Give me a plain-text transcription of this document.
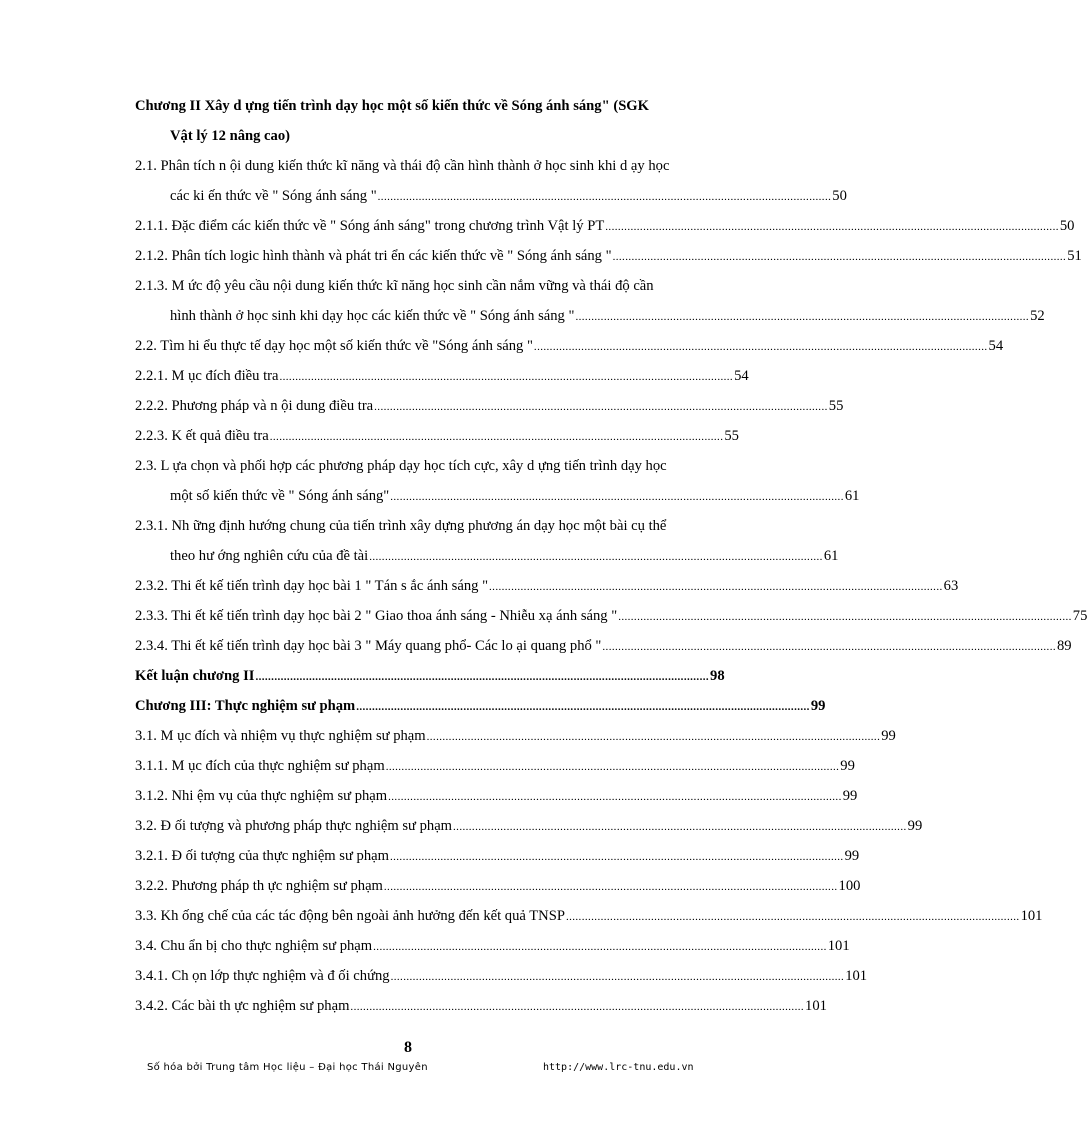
Chương II Xây d ựng tiến trình dạy học một số kiến thức về Sóng ánh sáng" (SGK
Vật lý 12 nâng cao)
2.1. Phân tích n ội dung kiến thức kĩ năng và thái độ cần hình thành ở học sinh khi d ạy học
các ki ến thức về " Sóng ánh sáng " ................................................................................................................................................ 50
2.1.1. Đặc điểm các kiến thức về " Sóng ánh sáng" trong chương trình Vật lý PT ................................................................................................................................................ 50
2.1.2. Phân tích logic hình thành và phát tri ển các kiến thức về " Sóng ánh sáng " ................................................................................................................................................ 51
2.1.3. M ức độ yêu cầu nội dung kiến thức kĩ năng học sinh cần nắm vững và thái độ cần
hình thành ở học sinh khi dạy học các kiến thức về " Sóng ánh sáng " ................................................................................................................................................ 52
2.2. Tìm hi ểu thực tế dạy học một số kiến thức về "Sóng ánh sáng " ................................................................................................................................................ 54
2.2.1. M ục đích điều tra ................................................................................................................................................ 54
2.2.2. Phương pháp và n ội dung điều tra ................................................................................................................................................ 55
2.2.3. K ết quả điều tra ................................................................................................................................................ 55
2.3. L ựa chọn và phối hợp các phương pháp dạy học tích cực, xây d ựng tiến trình dạy học
một số kiến thức về " Sóng ánh sáng" ................................................................................................................................................ 61
2.3.1. Nh ững định hướng chung của tiến trình xây dựng phương án dạy học một bài cụ thể
theo hư ớng nghiên cứu của đề tài ................................................................................................................................................ 61
2.3.2. Thi ết kế tiến trình dạy học bài 1 " Tán s ắc ánh sáng " ................................................................................................................................................ 63
2.3.3. Thi ết kế tiến trình dạy học bài 2 " Giao thoa ánh sáng - Nhiễu xạ ánh sáng " ................................................................................................................................................ 75
2.3.4. Thi ết kế tiến trình dạy học bài 3 " Máy quang phổ- Các lo ại quang phổ " ................................................................................................................................................ 89
Kết luận chương II ................................................................................................................................................ 98
Chương III: Thực nghiệm sư phạm ................................................................................................................................................ 99
3.1. M ục đích và nhiệm vụ thực nghiệm sư phạm ................................................................................................................................................ 99
3.1.1. M ục đích của thực nghiệm sư phạm ................................................................................................................................................ 99
3.1.2. Nhi ệm vụ của thực nghiệm sư phạm ................................................................................................................................................ 99
3.2. Đ ối tượng và phương pháp thực nghiệm sư phạm ................................................................................................................................................ 99
3.2.1. Đ ối tượng của thực nghiệm sư phạm ................................................................................................................................................ 99
3.2.2. Phương pháp th ực nghiệm sư phạm ................................................................................................................................................ 100
3.3. Kh ống chế của các tác động bên ngoài ảnh hưởng đến kết quả TNSP ................................................................................................................................................ 101
3.4. Chu ẩn bị cho thực nghiệm sư phạm ................................................................................................................................................ 101
3.4.1. Ch ọn lớp thực nghiệm và đ ối chứng ................................................................................................................................................ 101
3.4.2. Các bài th ực nghiệm sư phạm ................................................................................................................................................ 101
8
Số hóa bởi Trung tâm Học liệu – Đại học Thái Nguyên	http://www.lrc-tnu.edu.vn
